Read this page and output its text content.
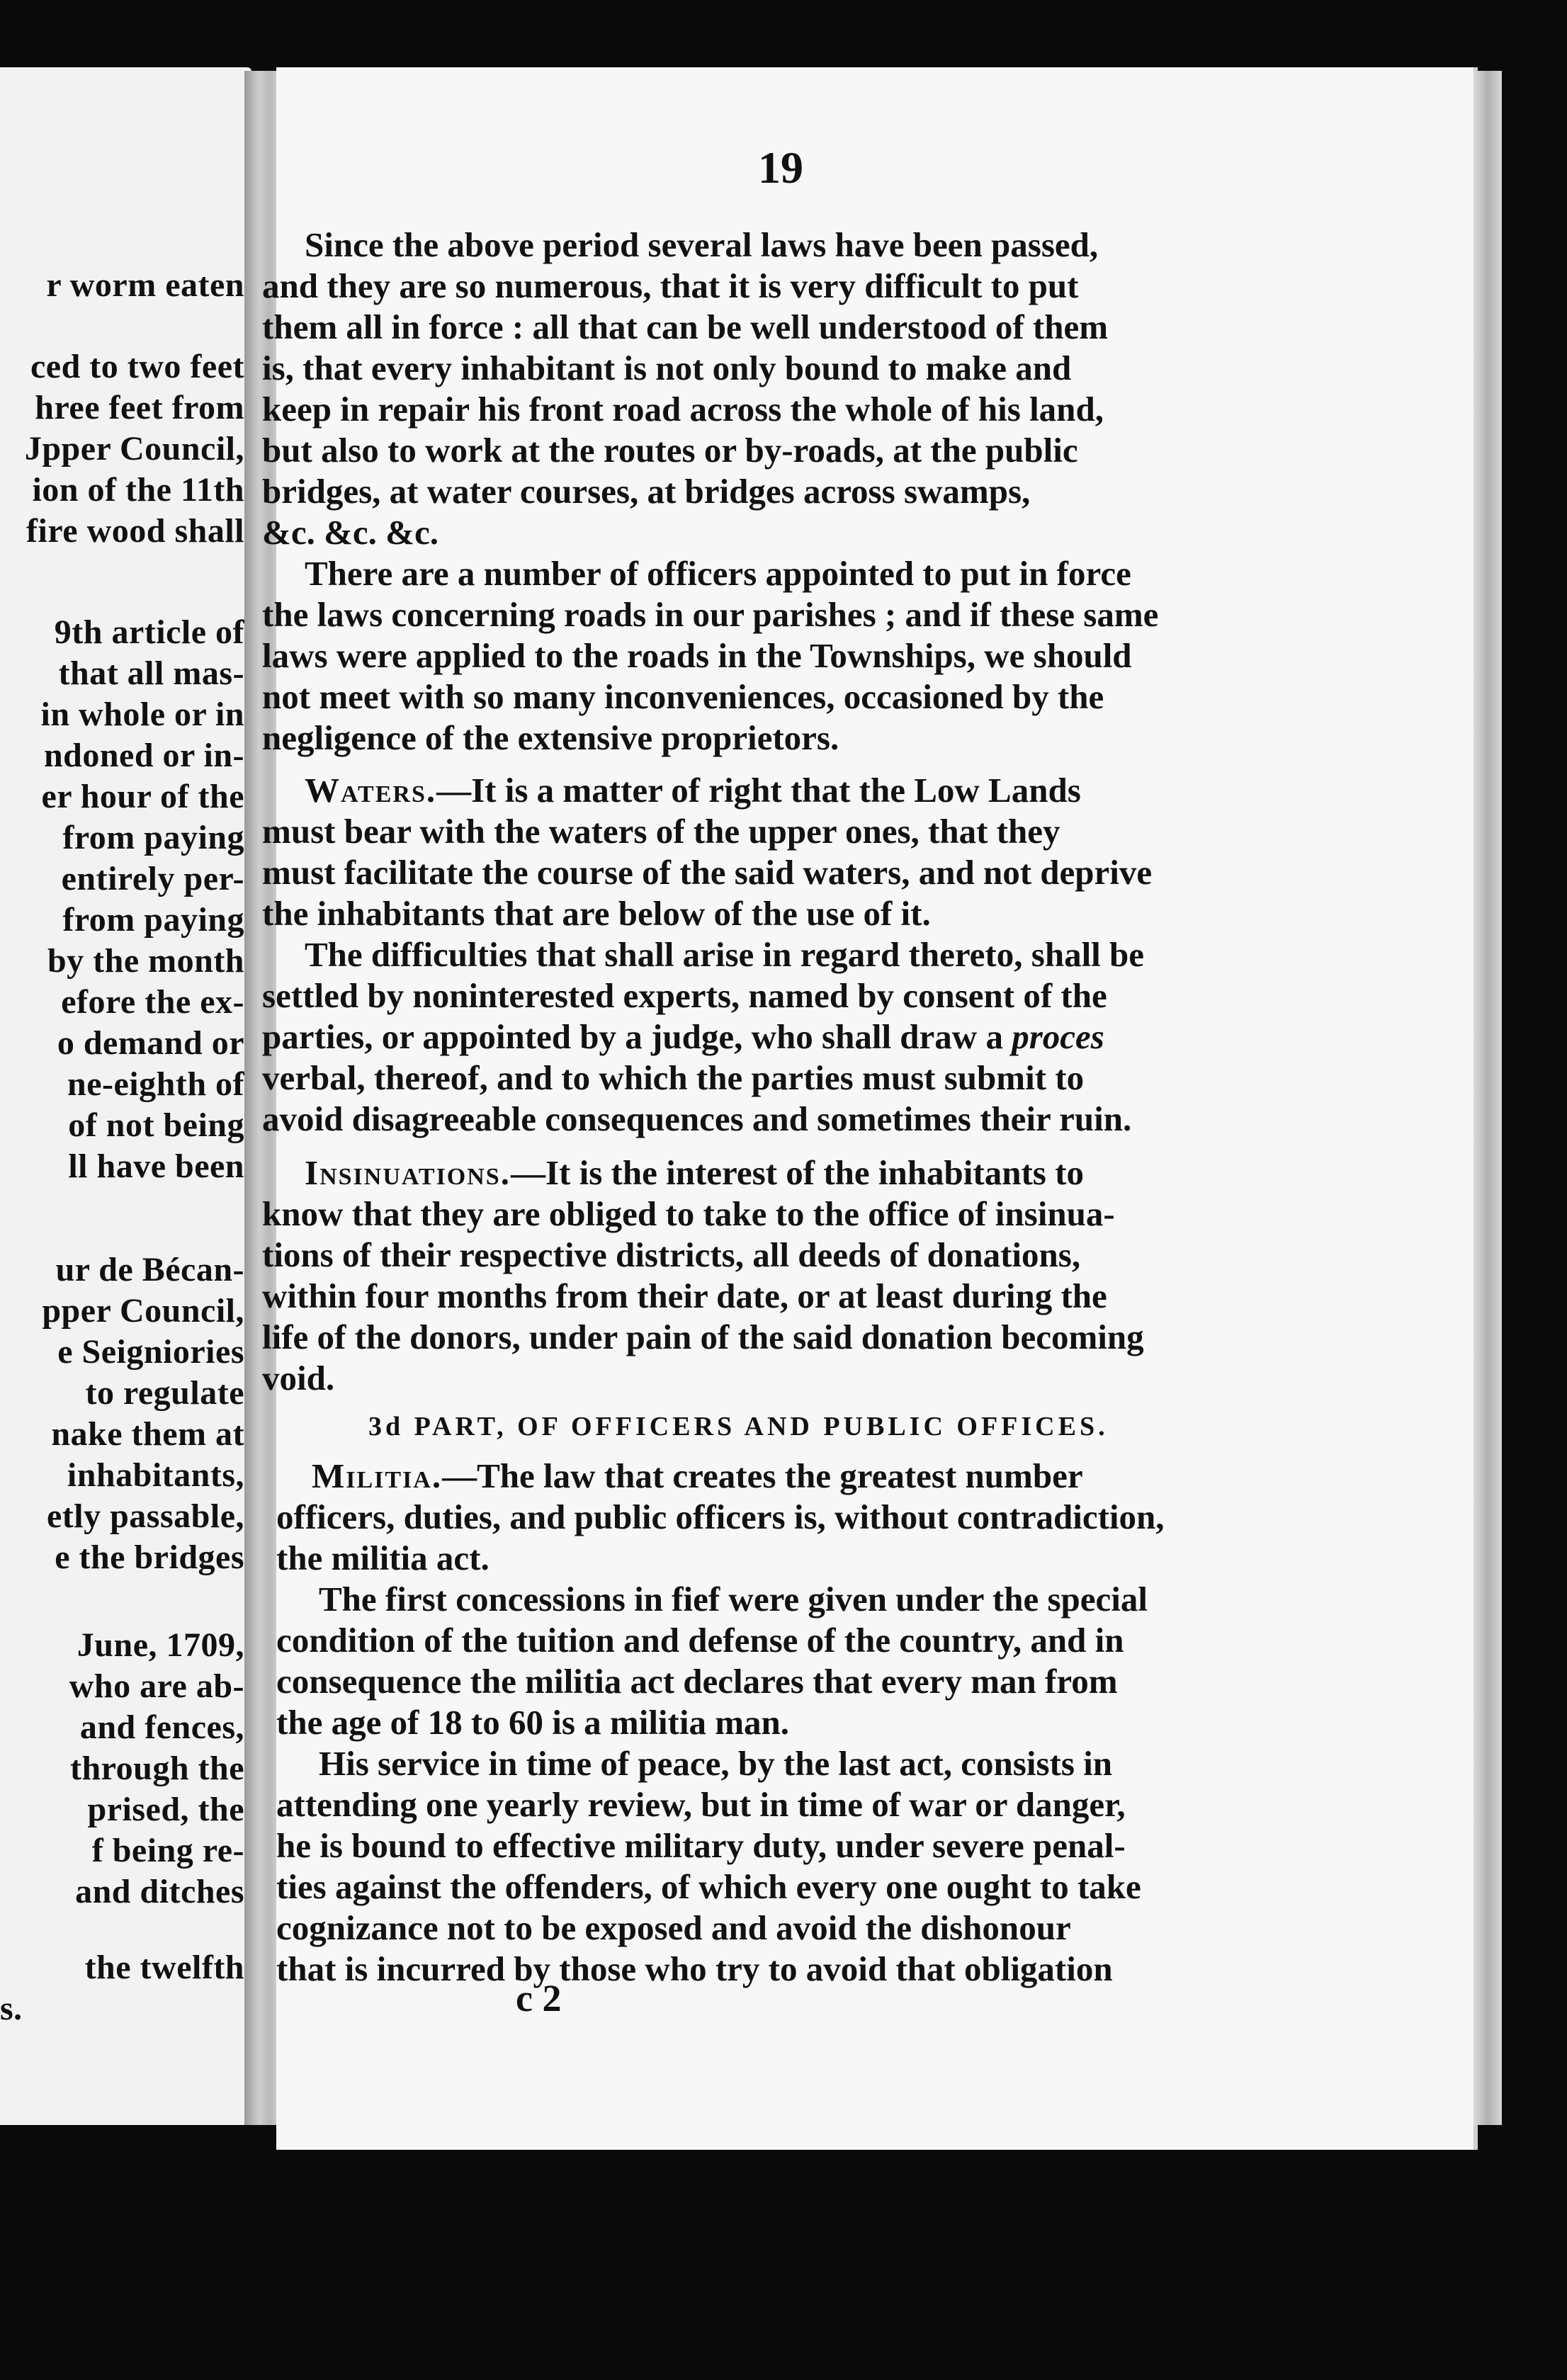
r worm eaten
ced to two feet
hree feet from
Jpper Council,
ion of the 11th
fire wood shall
9th article of
that all mas-
in whole or in
ndoned or in-
er hour of the
from paying
entirely per-
from paying
by the month
efore the ex-
o demand or
ne-eighth of
of not being
ll have been
ur de Bécan-
pper Council,
e Seigniories
to regulate
nake them at
inhabitants,
etly passable,
e the bridges
June, 1709,
who are ab-
and fences,
through the
prised, the
f being re-
and ditches
the twelfth
s.
19
Since the above period several laws have been passed,
and they are so numerous, that it is very difficult to put
them all in force : all that can be well understood of them
is, that every inhabitant is not only bound to make and
keep in repair his front road across the whole of his land,
but also to work at the routes or by-roads, at the public
bridges, at water courses, at bridges across swamps,
&c. &c. &c.
There are a number of officers appointed to put in force
the laws concerning roads in our parishes ; and if these same
laws were applied to the roads in the Townships, we should
not meet with so many inconveniences, occasioned by the
negligence of the extensive proprietors.
Waters.—It is a matter of right that the Low Lands
must bear with the waters of the upper ones, that they
must facilitate the course of the said waters, and not deprive
the inhabitants that are below of the use of it.
The difficulties that shall arise in regard thereto, shall be
settled by noninterested experts, named by consent of the
parties, or appointed by a judge, who shall draw a proces
verbal, thereof, and to which the parties must submit to
avoid disagreeable consequences and sometimes their ruin.
Insinuations.—It is the interest of the inhabitants to
know that they are obliged to take to the office of insinua-
tions of their respective districts, all deeds of donations,
within four months from their date, or at least during the
life of the donors, under pain of the said donation becoming
void.
3d PART, OF OFFICERS AND PUBLIC OFFICES.
Militia.—The law that creates the greatest number
officers, duties, and public officers is, without contradiction,
the militia act.
The first concessions in fief were given under the special
condition of the tuition and defense of the country, and in
consequence the militia act declares that every man from
the age of 18 to 60 is a militia man.
His service in time of peace, by the last act, consists in
attending one yearly review, but in time of war or danger,
he is bound to effective military duty, under severe penal-
ties against the offenders, of which every one ought to take
cognizance not to be exposed and avoid the dishonour
that is incurred by those who try to avoid that obligation
c 2
